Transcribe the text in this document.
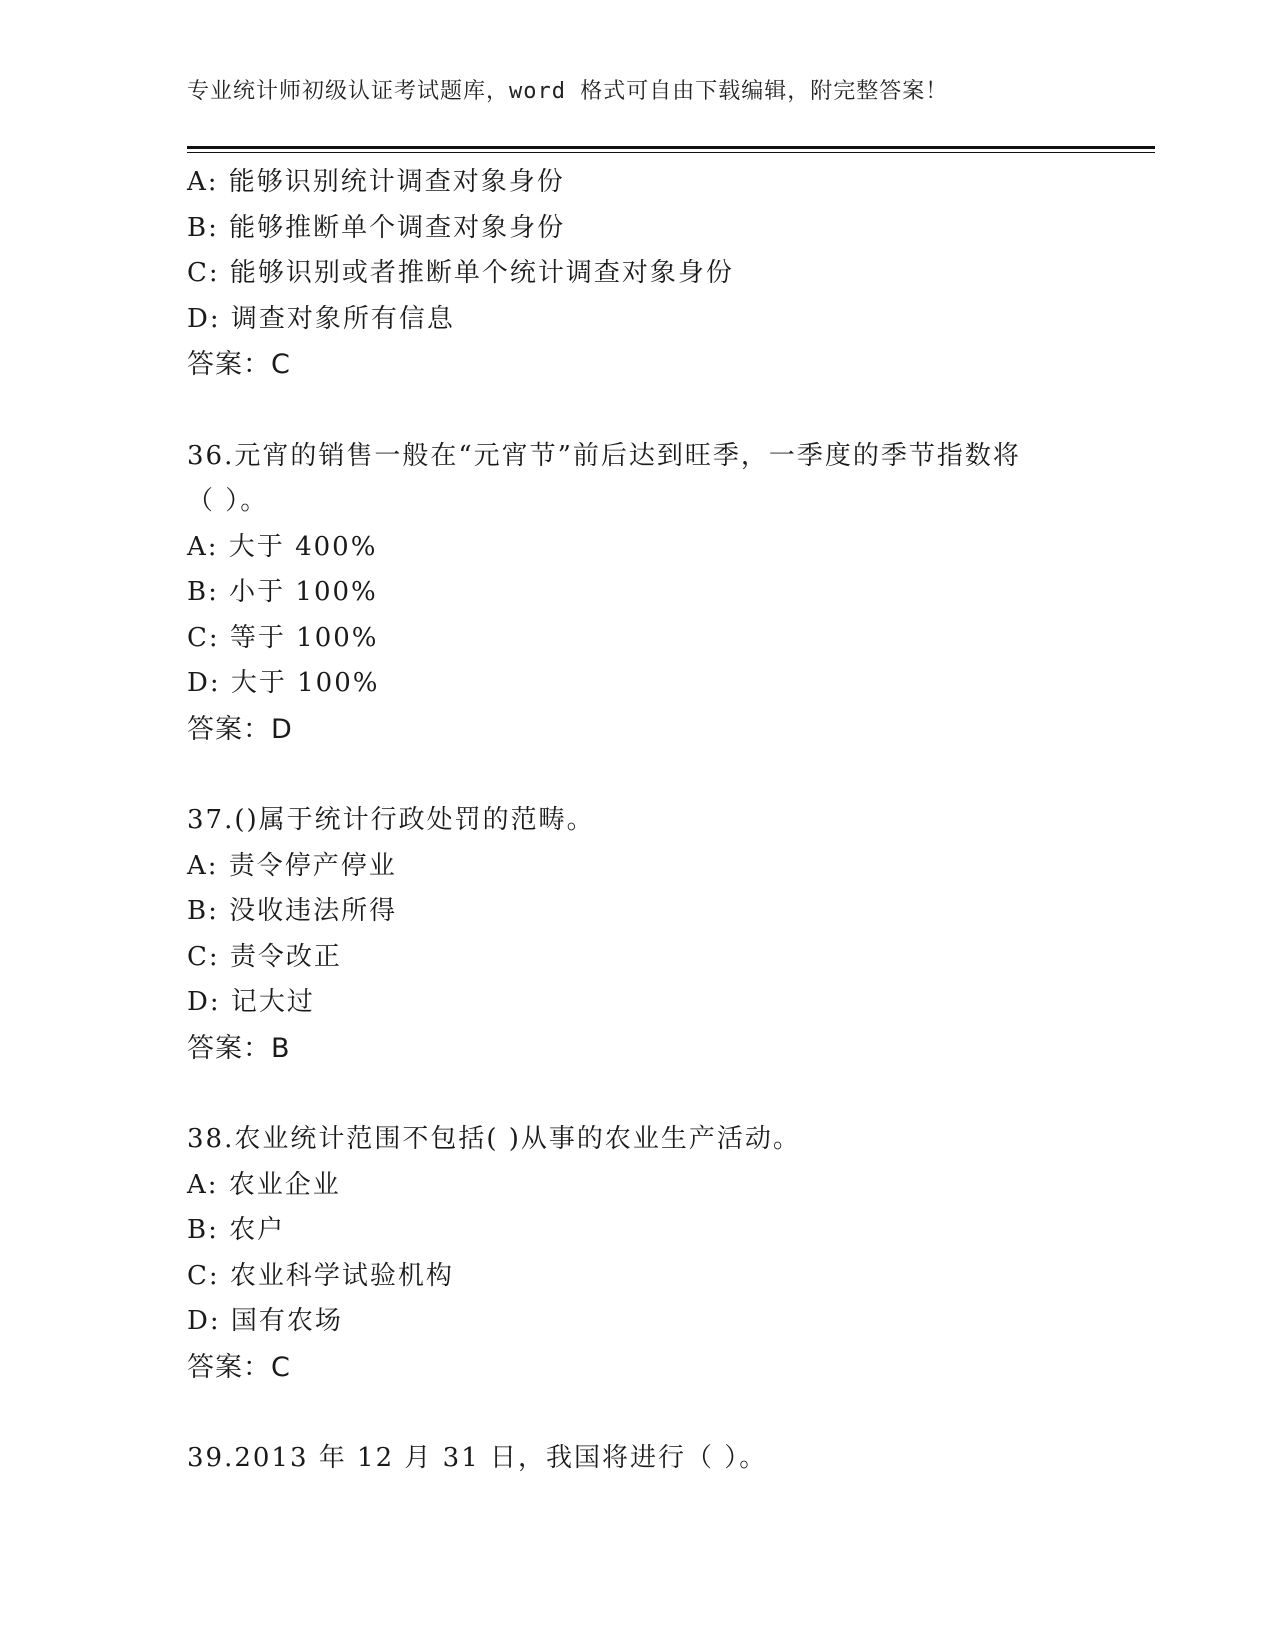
专业统计师初级认证考试题库，word 格式可自由下载编辑，附完整答案！
A: 能够识别统计调查对象身份
B: 能够推断单个调查对象身份
C: 能够识别或者推断单个统计调查对象身份
D: 调查对象所有信息
答案：C
36.元宵的销售一般在“元宵节”前后达到旺季，一季度的季节指数将
（ ）。
A: 大于 400%
B: 小于 100%
C: 等于 100%
D: 大于 100%
答案：D
37.()属于统计行政处罚的范畴。
A: 责令停产停业
B: 没收违法所得
C: 责令改正
D: 记大过
答案：B
38.农业统计范围不包括( )从事的农业生产活动。
A: 农业企业
B: 农户
C: 农业科学试验机构
D: 国有农场
答案：C
39.2013 年 12 月 31 日，我国将进行（ ）。
